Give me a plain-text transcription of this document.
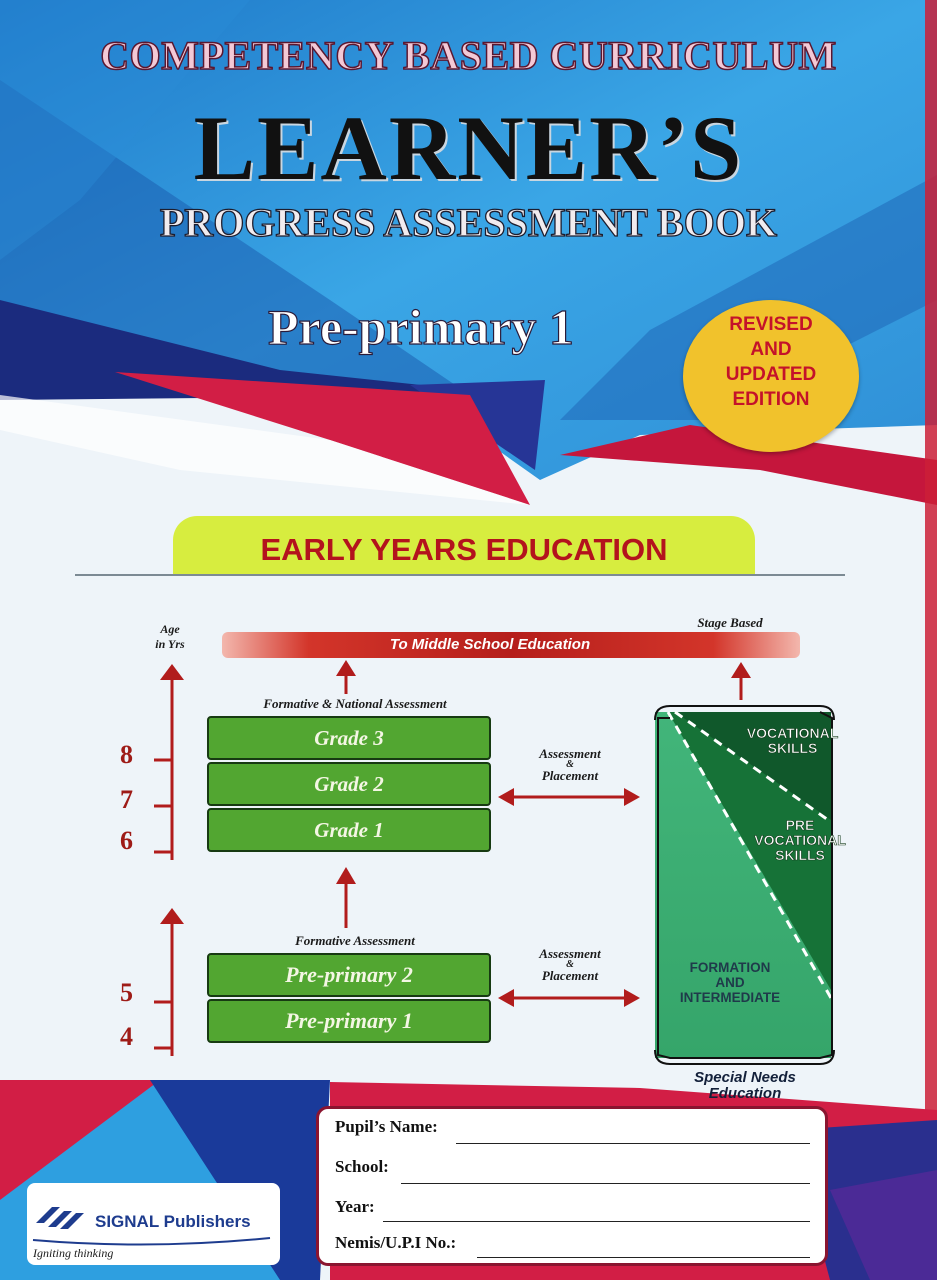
COMPETENCY BASED CURRICULUM
LEARNER’S
PROGRESS ASSESSMENT BOOK
Pre-primary 1	REVISED
AND
UPDATED
EDITION
EARLY YEARS EDUCATION
Age
in Yrs
Stage Based
To Middle School Education
Formative & National Assessment
Grade 3
Grade 2
Grade 1
8
7
6
Assessment
&
Placement
Formative Assessment
Pre-primary 2
Pre-primary 1
5
4
Assessment
&
Placement
VOCATIONAL
SKILLS
PRE
VOCATIONAL
SKILLS
FORMATION
AND
INTERMEDIATE
Special Needs
Education
Pupil’s Name:
School:
Year:
Nemis/U.P.I No.:
SIGNAL Publishers
Igniting thinking
